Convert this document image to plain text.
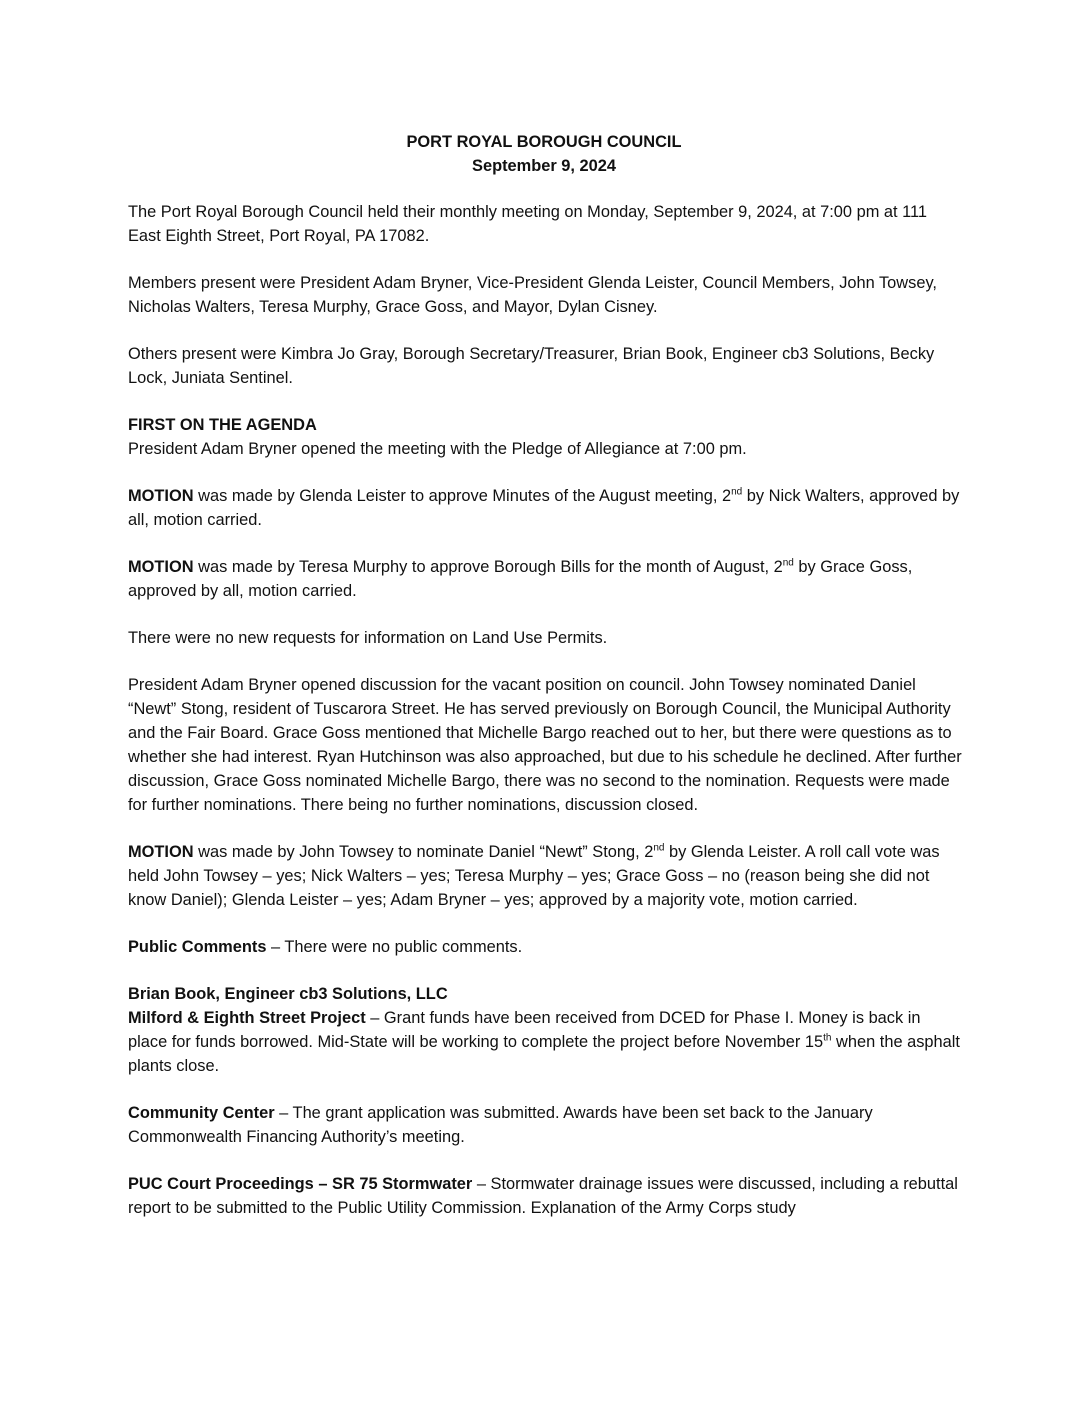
PORT ROYAL BOROUGH COUNCIL
September 9, 2024

The Port Royal Borough Council held their monthly meeting on Monday, September 9, 2024, at 7:00 pm at 111 East Eighth Street, Port Royal, PA 17082.

Members present were President Adam Bryner, Vice-President Glenda Leister, Council Members, John Towsey, Nicholas Walters, Teresa Murphy, Grace Goss, and Mayor, Dylan Cisney.

Others present were Kimbra Jo Gray, Borough Secretary/Treasurer, Brian Book, Engineer cb3 Solutions, Becky Lock, Juniata Sentinel.

FIRST ON THE AGENDA

President Adam Bryner opened the meeting with the Pledge of Allegiance at 7:00 pm.

MOTION was made by Glenda Leister to approve Minutes of the August meeting, 2nd by Nick Walters, approved by all, motion carried.

MOTION was made by Teresa Murphy to approve Borough Bills for the month of August, 2nd by Grace Goss, approved by all, motion carried.

There were no new requests for information on Land Use Permits.

President Adam Bryner opened discussion for the vacant position on council. John Towsey nominated Daniel “Newt” Stong, resident of Tuscarora Street. He has served previously on Borough Council, the Municipal Authority and the Fair Board. Grace Goss mentioned that Michelle Bargo reached out to her, but there were questions as to whether she had interest. Ryan Hutchinson was also approached, but due to his schedule he declined. After further discussion, Grace Goss nominated Michelle Bargo, there was no second to the nomination. Requests were made for further nominations. There being no further nominations, discussion closed.

MOTION was made by John Towsey to nominate Daniel “Newt” Stong, 2nd by Glenda Leister. A roll call vote was held John Towsey – yes; Nick Walters – yes; Teresa Murphy – yes; Grace Goss – no (reason being she did not know Daniel); Glenda Leister – yes; Adam Bryner – yes; approved by a majority vote, motion carried.

Public Comments – There were no public comments.

Brian Book, Engineer cb3 Solutions, LLC

Milford & Eighth Street Project – Grant funds have been received from DCED for Phase I. Money is back in place for funds borrowed. Mid-State will be working to complete the project before November 15th when the asphalt plants close.

Community Center – The grant application was submitted. Awards have been set back to the January Commonwealth Financing Authority’s meeting.

PUC Court Proceedings – SR 75 Stormwater – Stormwater drainage issues were discussed, including a rebuttal report to be submitted to the Public Utility Commission. Explanation of the Army Corps study
